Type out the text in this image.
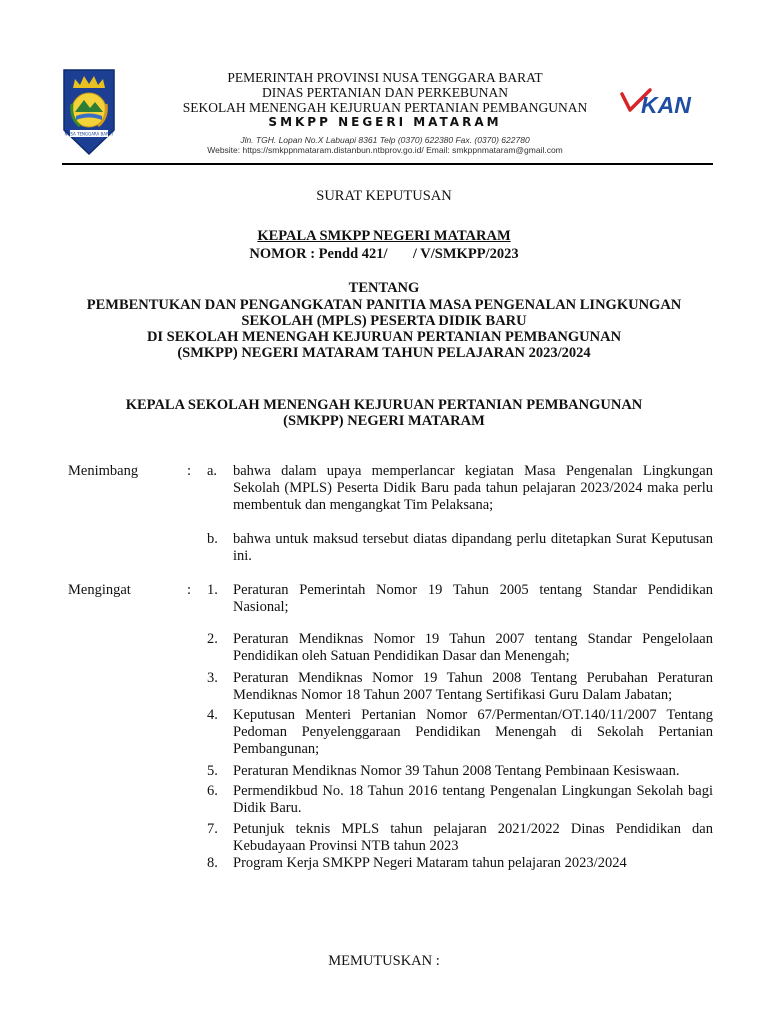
NUSA TENGGARA BARAT
PEMERINTAH PROVINSI NUSA TENGGARA BARAT
DINAS PERTANIAN DAN PERKEBUNAN
SEKOLAH MENENGAH KEJURUAN PERTANIAN PEMBANGUNAN
SMKPP NEGERI MATARAM
Jln. TGH. Lopan No.X Labuapi 8361 Telp (0370) 622380 Fax. (0370) 622780
Website: https://smkppnmataram.distanbun.ntbprov.go.id/ Email: smkppnmataram@gmail.com
KAN
SURAT KEPUTUSAN
KEPALA SMKPP NEGERI MATARAM
NOMOR : Pendd 421/       / V/SMKPP/2023
TENTANG
PEMBENTUKAN DAN PENGANGKATAN PANITIA MASA PENGENALAN LINGKUNGAN
SEKOLAH (MPLS) PESERTA DIDIK BARU
DI SEKOLAH MENENGAH KEJURUAN PERTANIAN PEMBANGUNAN
(SMKPP) NEGERI MATARAM TAHUN PELAJARAN 2023/2024
KEPALA SEKOLAH MENENGAH KEJURUAN PERTANIAN PEMBANGUNAN
(SMKPP) NEGERI MATARAM
Menimbang	: a. bahwa dalam upaya memperlancar kegiatan Masa Pengenalan Lingkungan Sekolah (MPLS) Peserta Didik Baru pada tahun pelajaran 2023/2024 maka perlu membentuk dan mengangkat Tim Pelaksana;
b. bahwa untuk maksud tersebut diatas dipandang perlu ditetapkan Surat Keputusan ini.
Mengingat	: 1. Peraturan Pemerintah Nomor 19 Tahun 2005 tentang Standar Pendidikan Nasional;
2. Peraturan Mendiknas Nomor 19 Tahun 2007 tentang Standar Pengelolaan Pendidikan oleh Satuan Pendidikan Dasar dan Menengah;
3. Peraturan Mendiknas Nomor 19 Tahun 2008 Tentang Perubahan Peraturan Mendiknas Nomor 18 Tahun 2007 Tentang Sertifikasi Guru Dalam Jabatan;
4. Keputusan Menteri Pertanian Nomor 67/Permentan/OT.140/11/2007 Tentang Pedoman Penyelenggaraan Pendidikan Menengah di Sekolah Pertanian Pembangunan;
5. Peraturan Mendiknas Nomor 39 Tahun 2008 Tentang Pembinaan Kesiswaan.
6. Permendikbud No. 18 Tahun 2016 tentang Pengenalan Lingkungan Sekolah bagi Didik Baru.
7. Petunjuk teknis MPLS tahun pelajaran 2021/2022 Dinas Pendidikan dan Kebudayaan Provinsi NTB tahun 2023
8. Program Kerja SMKPP Negeri Mataram tahun pelajaran 2023/2024
MEMUTUSKAN :
